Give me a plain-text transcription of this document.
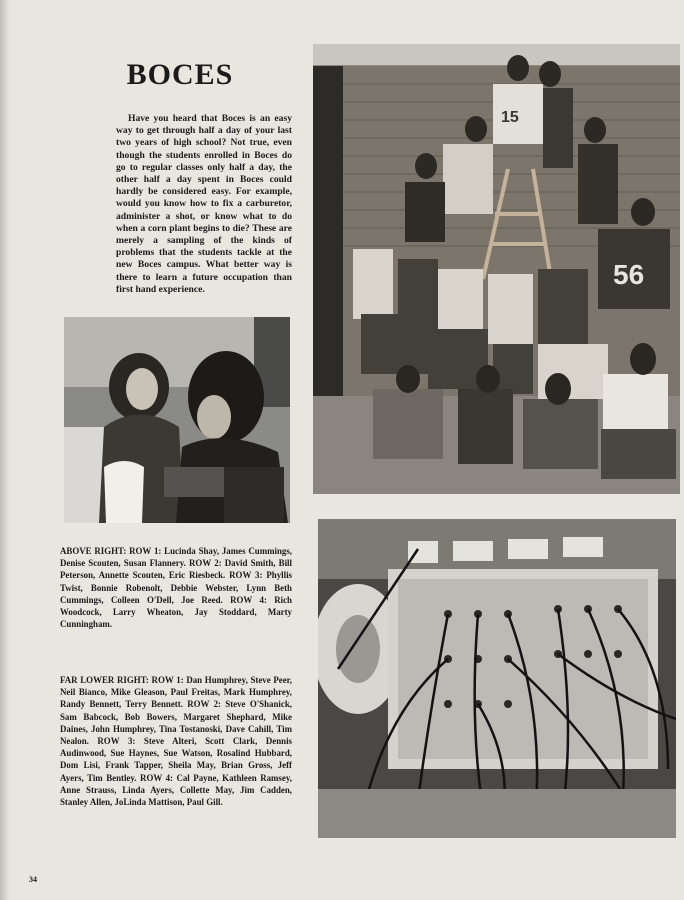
BOCES

Have you heard that Boces is an easy way to get through half a day of your last two years of high school? Not true, even though the students enrolled in Boces do go to regular classes only half a day, the other half a day spent in Boces could hardly be considered easy. For example, would you know how to fix a carburetor, administer a shot, or know what to do when a corn plant begins to die? These are merely a sampling of the kinds of problems that the students tackle at the new Boces campus. What better way is there to learn a future occupation than first hand experience.

ABOVE RIGHT: ROW 1: Lucinda Shay, James Cummings, Denise Scouten, Susan Flannery. ROW 2: David Smith, Bill Peterson, Annette Scouten, Eric Riesbeck. ROW 3: Phyllis Twist, Bonnie Robenolt, Debbie Webster, Lynn Beth Cummings, Colleen O'Dell, Joe Reed. ROW 4: Rich Woodcock, Larry Wheaton, Jay Stoddard, Marty Cunningham.

FAR LOWER RIGHT: ROW 1: Dan Humphrey, Steve Peer, Neil Bianco, Mike Gleason, Paul Freitas, Mark Humphrey, Randy Bennett, Terry Bennett. ROW 2: Steve O'Shanick, Sam Babcock, Bob Bowers, Margaret Shephard, Mike Daines, John Humphrey, Tina Tostanoski, Dave Cahill, Tim Nealon. ROW 3: Steve Alteri, Scott Clark, Dennis Audinwood, Sue Haynes, Sue Watson, Rosalind Hubbard, Dom Lisi, Frank Tapper, Sheila May, Brian Gross, Jeff Ayers, Tim Bentley. ROW 4: Cal Payne, Kathleen Ramsey, Anne Strauss, Linda Ayers, Collette May, Jim Cadden, Stanley Allen, JoLinda Mattison, Paul Gill.

56
15
34
